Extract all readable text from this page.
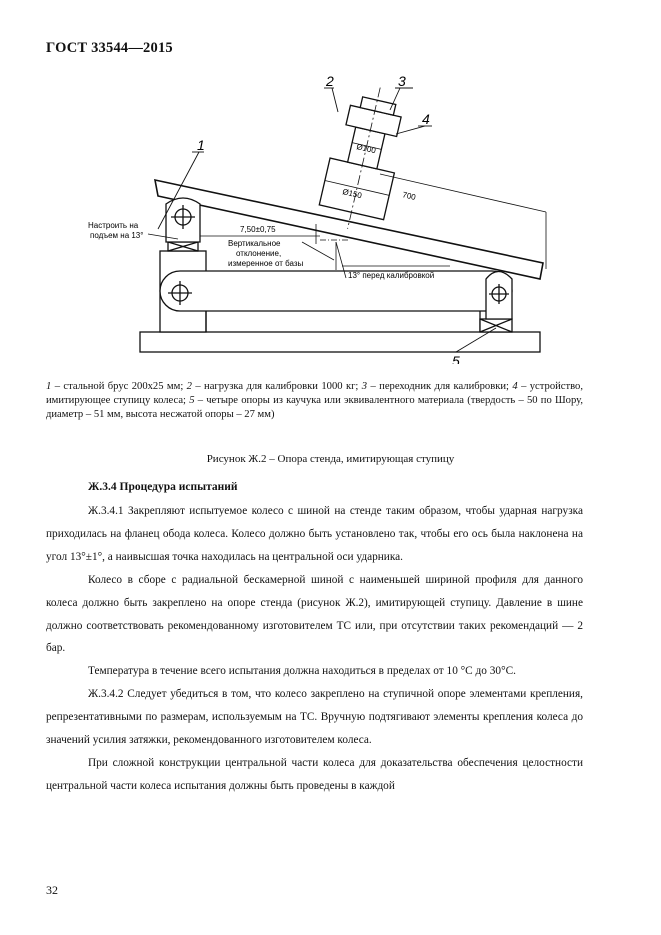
ГОСТ 33544—2015
1
2	3
4
5
Настроить на
подъем на 13°
7,50±0,75
Вертикальное
отклонение,
измеренное от базы
13° перед калибровкой
Ø100
Ø150	700
1 – стальной брус 200х25 мм; 2 – нагрузка для калибровки 1000 кг; 3 – переходник для калибровки; 4 – устройство, имитирующее ступицу колеса; 5 – четыре опоры из каучука или эквивалентного материала (твердость – 50 по Шору, диаметр – 51 мм, высота несжатой опоры – 27 мм)
Рисунок Ж.2 – Опора стенда, имитирующая ступицу
Ж.3.4 Процедура испытаний

Ж.3.4.1 Закрепляют испытуемое колесо с шиной на стенде таким образом, чтобы ударная нагрузка приходилась на фланец обода колеса. Колесо должно быть установлено так, чтобы его ось была наклонена на угол 13°±1°, а наивысшая точка находилась на центральной оси ударника.

Колесо в сборе с радиальной бескамерной шиной с наименьшей шириной профиля для данного колеса должно быть закреплено на опоре стенда (рисунок Ж.2), имитирующей ступицу. Давление в шине должно соответствовать рекомендованному изготовителем ТС или, при отсутствии таких рекомендаций — 2 бар.

Температура в течение всего испытания должна находиться в пределах от 10 °С до 30°С.

Ж.3.4.2 Следует убедиться в том, что колесо закреплено на ступичной опоре элементами крепления, репрезентативными по размерам, используемым на ТС. Вручную подтягивают элементы крепления колеса до значений усилия затяжки, рекомендованного изготовителем колеса.

При сложной конструкции центральной части колеса для доказательства обеспечения целостности центральной части колеса испытания должны быть проведены в каждой

32
